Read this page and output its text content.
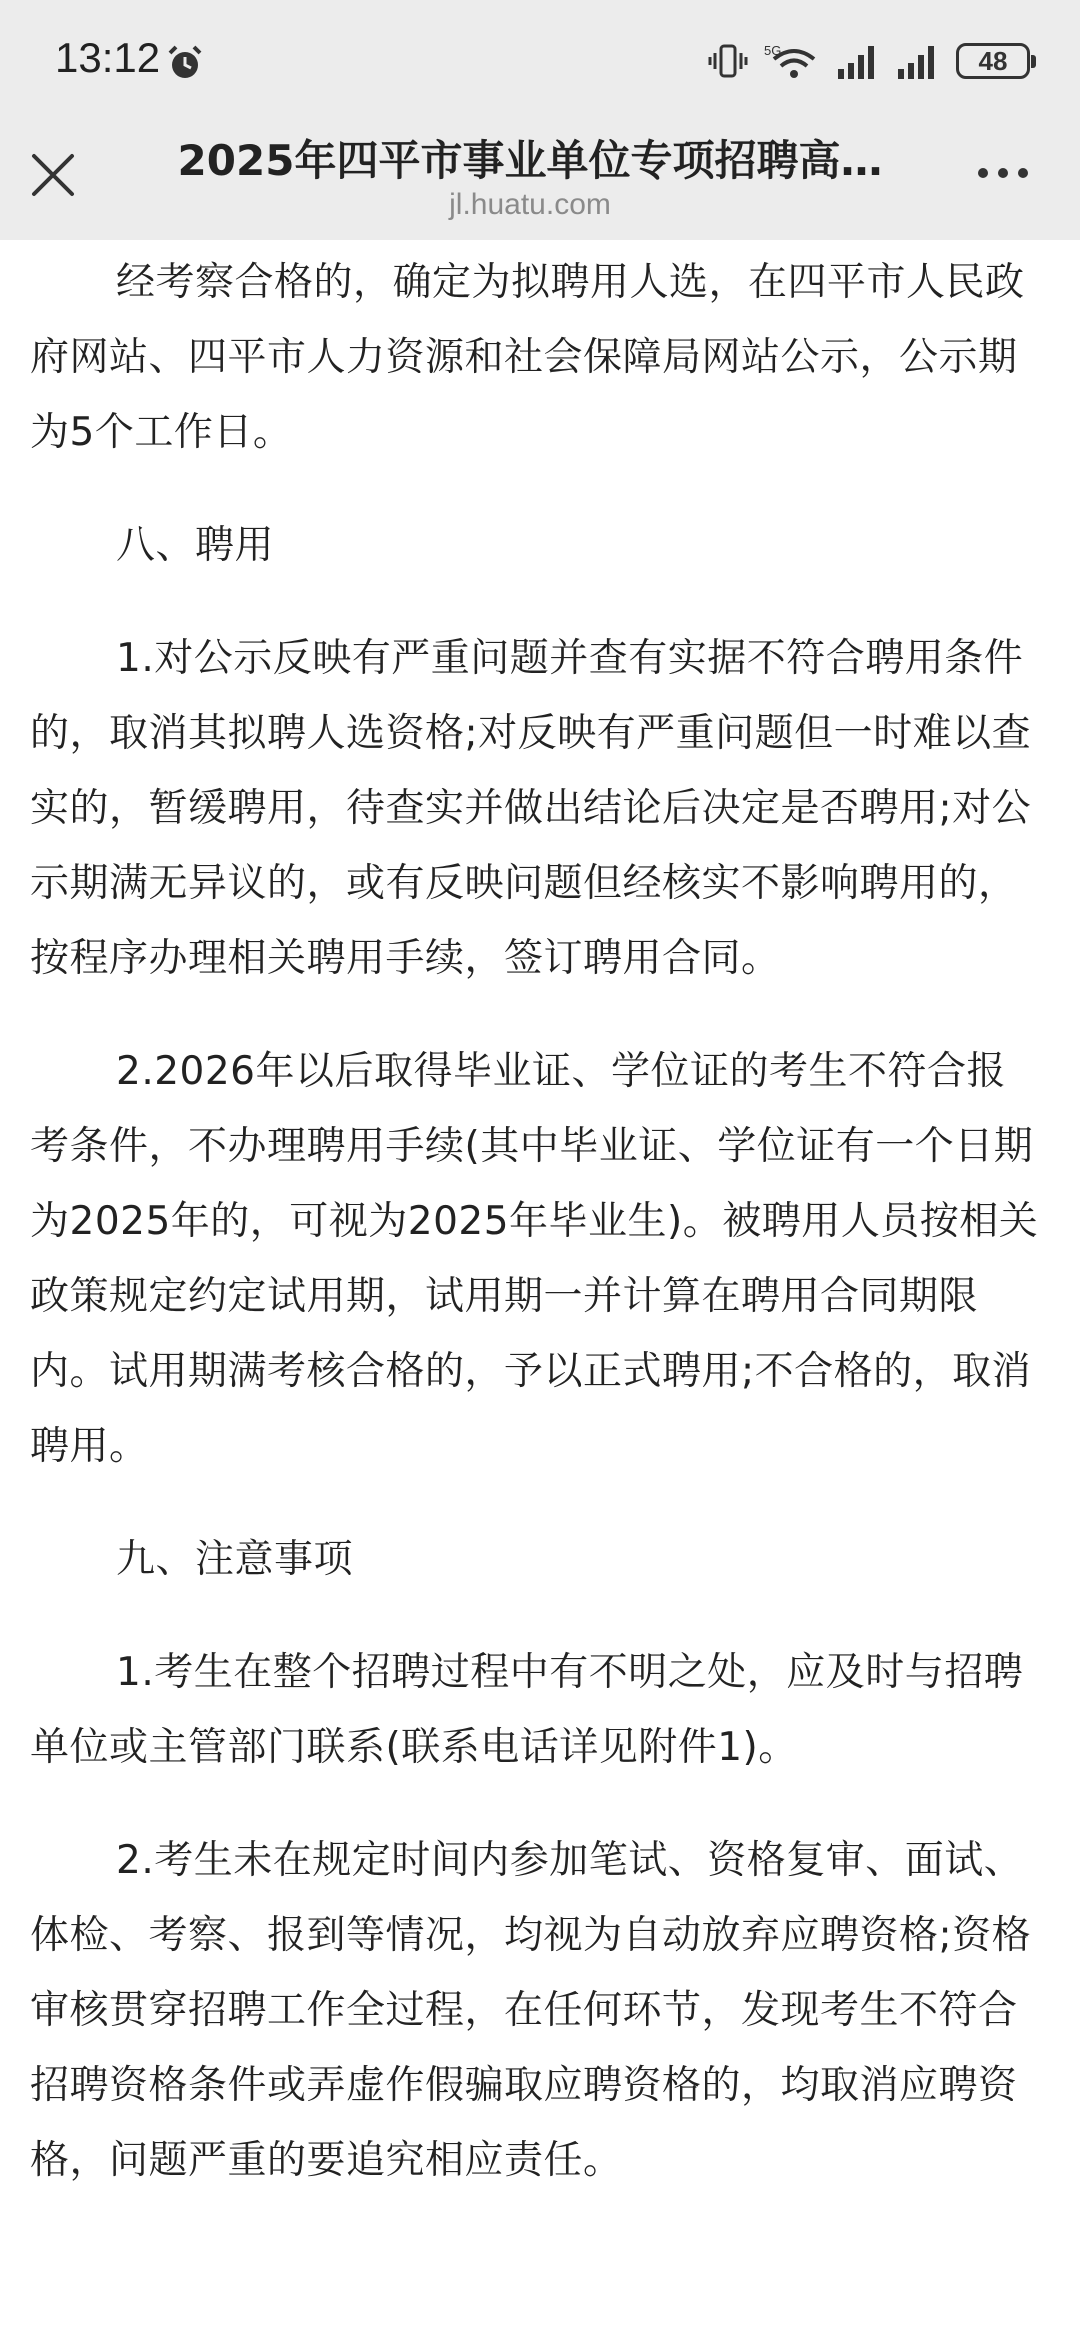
13:12	5G	48
2025年四平市事业单位专项招聘高…
jl.huatu.com

经考察合格的，确定为拟聘用人选，在四平市人民政府网站、四平市人力资源和社会保障局网站公示，公示期为5个工作日。

八、聘用

1.对公示反映有严重问题并查有实据不符合聘用条件的，取消其拟聘人选资格;对反映有严重问题但一时难以查实的，暂缓聘用，待查实并做出结论后决定是否聘用;对公示期满无异议的，或有反映问题但经核实不影响聘用的，按程序办理相关聘用手续，签订聘用合同。

2.2026年以后取得毕业证、学位证的考生不符合报考条件，不办理聘用手续(其中毕业证、学位证有一个日期为2025年的，可视为2025年毕业生)。被聘用人员按相关政策规定约定试用期，试用期一并计算在聘用合同期限内。试用期满考核合格的，予以正式聘用;不合格的，取消聘用。

九、注意事项

1.考生在整个招聘过程中有不明之处，应及时与招聘单位或主管部门联系(联系电话详见附件1)。

2.考生未在规定时间内参加笔试、资格复审、面试、体检、考察、报到等情况，均视为自动放弃应聘资格;资格审核贯穿招聘工作全过程，在任何环节，发现考生不符合招聘资格条件或弄虚作假骗取应聘资格的，均取消应聘资格，问题严重的要追究相应责任。
